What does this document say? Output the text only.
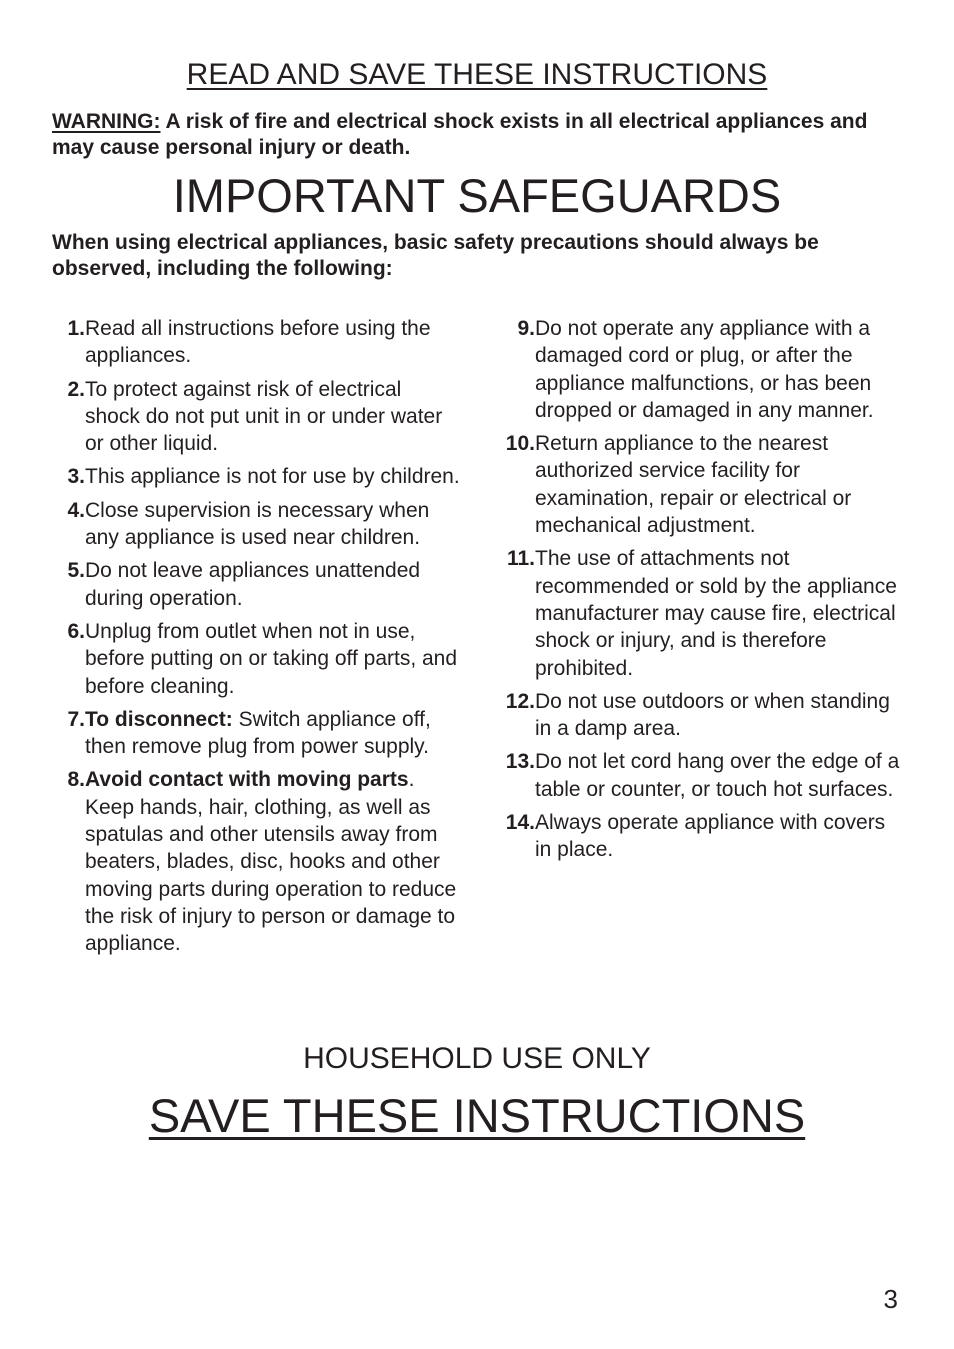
READ AND SAVE THESE INSTRUCTIONS
WARNING: A risk of fire and electrical shock exists in all electrical appliances and may cause personal injury or death.
IMPORTANT SAFEGUARDS
When using electrical appliances, basic safety precautions should always be observed, including the following:
1. Read all instructions before using the appliances.
2. To protect against risk of electrical shock do not put unit in or under water or other liquid.
3. This appliance is not for use by children.
4. Close supervision is necessary when any appliance is used near children.
5. Do not leave appliances unattended during operation.
6. Unplug from outlet when not in use, before putting on or taking off parts, and before cleaning.
7. To disconnect: Switch appliance off, then remove plug from power supply.
8. Avoid contact with moving parts. Keep hands, hair, clothing, as well as spatulas and other utensils away from beaters, blades, disc, hooks and other moving parts during operation to reduce the risk of injury to person or damage to appliance.
9. Do not operate any appliance with a damaged cord or plug, or after the appliance malfunctions, or has been dropped or damaged in any manner.
10. Return appliance to the nearest authorized service facility for examination, repair or electrical or mechanical adjustment.
11. The use of attachments not recommended or sold by the appliance manufacturer may cause fire, electrical shock or injury, and is therefore prohibited.
12. Do not use outdoors or when standing in a damp area.
13. Do not let cord hang over the edge of a table or counter, or touch hot surfaces.
14. Always operate appliance with covers in place.
HOUSEHOLD USE ONLY
SAVE THESE INSTRUCTIONS
3
